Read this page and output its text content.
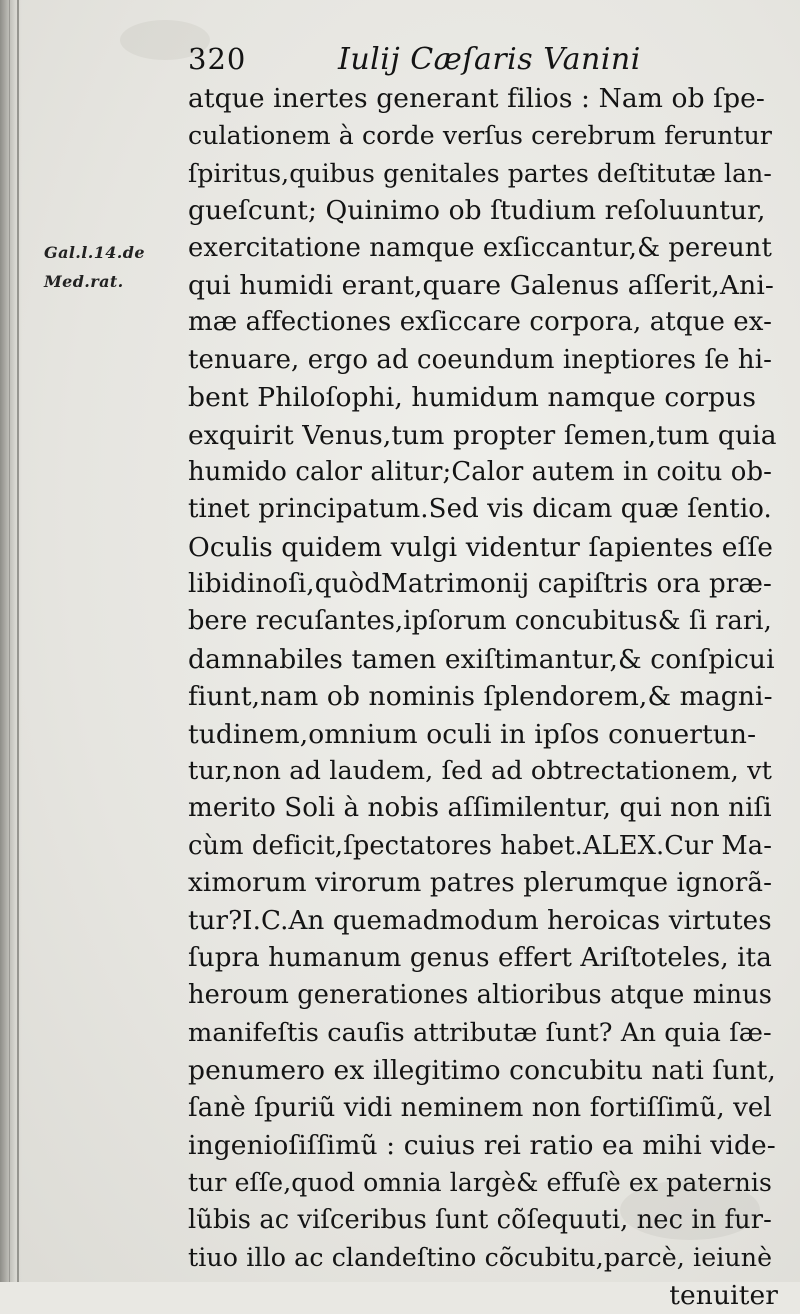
320	Iulij Cæſaris Vanini
Gal.l.14.de
Med.rat.
atque inertes generant filios : Nam ob ſpe-
culationem à corde verſus cerebrum feruntur
ſpiritus,quibus genitales partes deſtitutæ lan-
gueſcunt; Quinimo ob ſtudium reſoluuntur,
exercitatione namque exſiccantur,& pereunt
qui humidi erant,quare Galenus aſſerit,Ani-
mæ affectiones exſiccare corpora, atque ex-
tenuare, ergo ad coeundum ineptiores ſe hi-
bent Philoſophi, humidum namque corpus
exquirit Venus,tum propter ſemen,tum quia
humido calor alitur;Calor autem in coitu ob-
tinet principatum.Sed vis dicam quæ ſentio.
Oculis quidem vulgi videntur ſapientes eſſe
libidinoſi,quòdMatrimonij capiſtris ora præ-
bere recuſantes,ipſorum concubitus& ſi rari,
damnabiles tamen exiſtimantur,& conſpicui
fiunt,nam ob nominis ſplendorem,& magni-
tudinem,omnium oculi in ipſos conuertun-
tur,non ad laudem, ſed ad obtrectationem, vt
merito Soli à nobis aſſimilentur, qui non niſi
cùm deficit,ſpectatores habet.ALEX.Cur Ma-
ximorum virorum patres plerumque ignorã-
tur?I.C.An quemadmodum heroicas virtutes
ſupra humanum genus effert Ariſtoteles, ita
heroum generationes altioribus atque minus
manifeſtis cauſis attributæ ſunt? An quia ſæ-
penumero ex illegitimo concubitu nati ſunt,
ſanè ſpuriũ vidi neminem non fortiſſimũ, vel
ingenioſiſſimũ : cuius rei ratio ea mihi vide-
tur eſſe,quod omnia largè& effuſè ex paternis
lũbis ac viſceribus ſunt cõſequuti, nec in fur-
tiuo illo ac clandeſtino cõcubitu,parcè, ieiunè
tenuiter
